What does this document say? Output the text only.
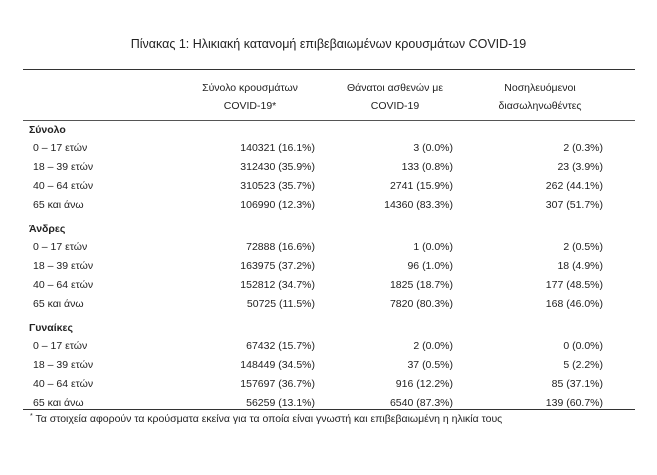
Πίνακας 1: Ηλικιακή κατανομή επιβεβαιωμένων κρουσμάτων COVID-19
Σύνολο κρουσμάτων
COVID-19*
Θάνατοι ασθενών με
COVID-19
Νοσηλευόμενοι
διασωληνωθέντες
Σύνολο
0 – 17 ετών	140321 (16.1%)	3 (0.0%)	2 (0.3%)
18 – 39 ετών	312430 (35.9%)	133 (0.8%)	23 (3.9%)
40 – 64 ετών	310523 (35.7%)	2741 (15.9%)	262 (44.1%)
65 και άνω	106990 (12.3%)	14360 (83.3%)	307 (51.7%)
Άνδρες
0 – 17 ετών	72888 (16.6%)	1 (0.0%)	2 (0.5%)
18 – 39 ετών	163975 (37.2%)	96 (1.0%)	18 (4.9%)
40 – 64 ετών	152812 (34.7%)	1825 (18.7%)	177 (48.5%)
65 και άνω	50725 (11.5%)	7820 (80.3%)	168 (46.0%)
Γυναίκες
0 – 17 ετών	67432 (15.7%)	2 (0.0%)	0 (0.0%)
18 – 39 ετών	148449 (34.5%)	37 (0.5%)	5 (2.2%)
40 – 64 ετών	157697 (36.7%)	916 (12.2%)	85 (37.1%)
65 και άνω	56259 (13.1%)	6540 (87.3%)	139 (60.7%)
* Τα στοιχεία αφορούν τα κρούσματα εκείνα για τα οποία είναι γνωστή και επιβεβαιωμένη η ηλικία τους
